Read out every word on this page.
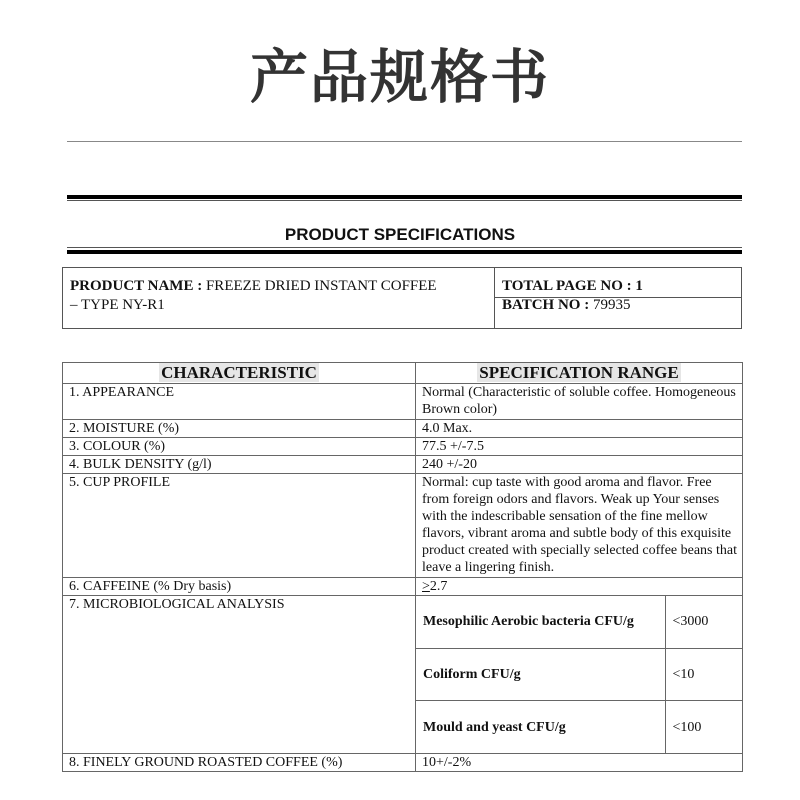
产品规格书
PRODUCT SPECIFICATIONS
PRODUCT NAME : FREEZE DRIED INSTANT COFFEE
– TYPE NY-R1
TOTAL PAGE NO : 1
BATCH NO : 79935
CHARACTERISTIC	SPECIFICATION RANGE
1. APPEARANCE	Normal (Characteristic of soluble coffee. Homogeneous Brown color)
2. MOISTURE (%)	4.0 Max.
3. COLOUR (%)	77.5 +/-7.5
4. BULK DENSITY (g/l)	240 +/-20
5. CUP PROFILE	Normal: cup taste with good aroma and flavor. Free from foreign odors and flavors. Weak up Your senses with the indescribable sensation of the fine mellow flavors, vibrant aroma and subtle body of this exquisite product created with specially selected coffee beans that leave a lingering finish.
6. CAFFEINE (% Dry basis)	≥2.7
7. MICROBIOLOGICAL ANALYSIS	
Mesophilic Aerobic bacteria CFU/g	<3000
Coliform CFU/g	<10
Mould and yeast CFU/g	<100

8. FINELY GROUND ROASTED COFFEE (%)	10+/-2%
